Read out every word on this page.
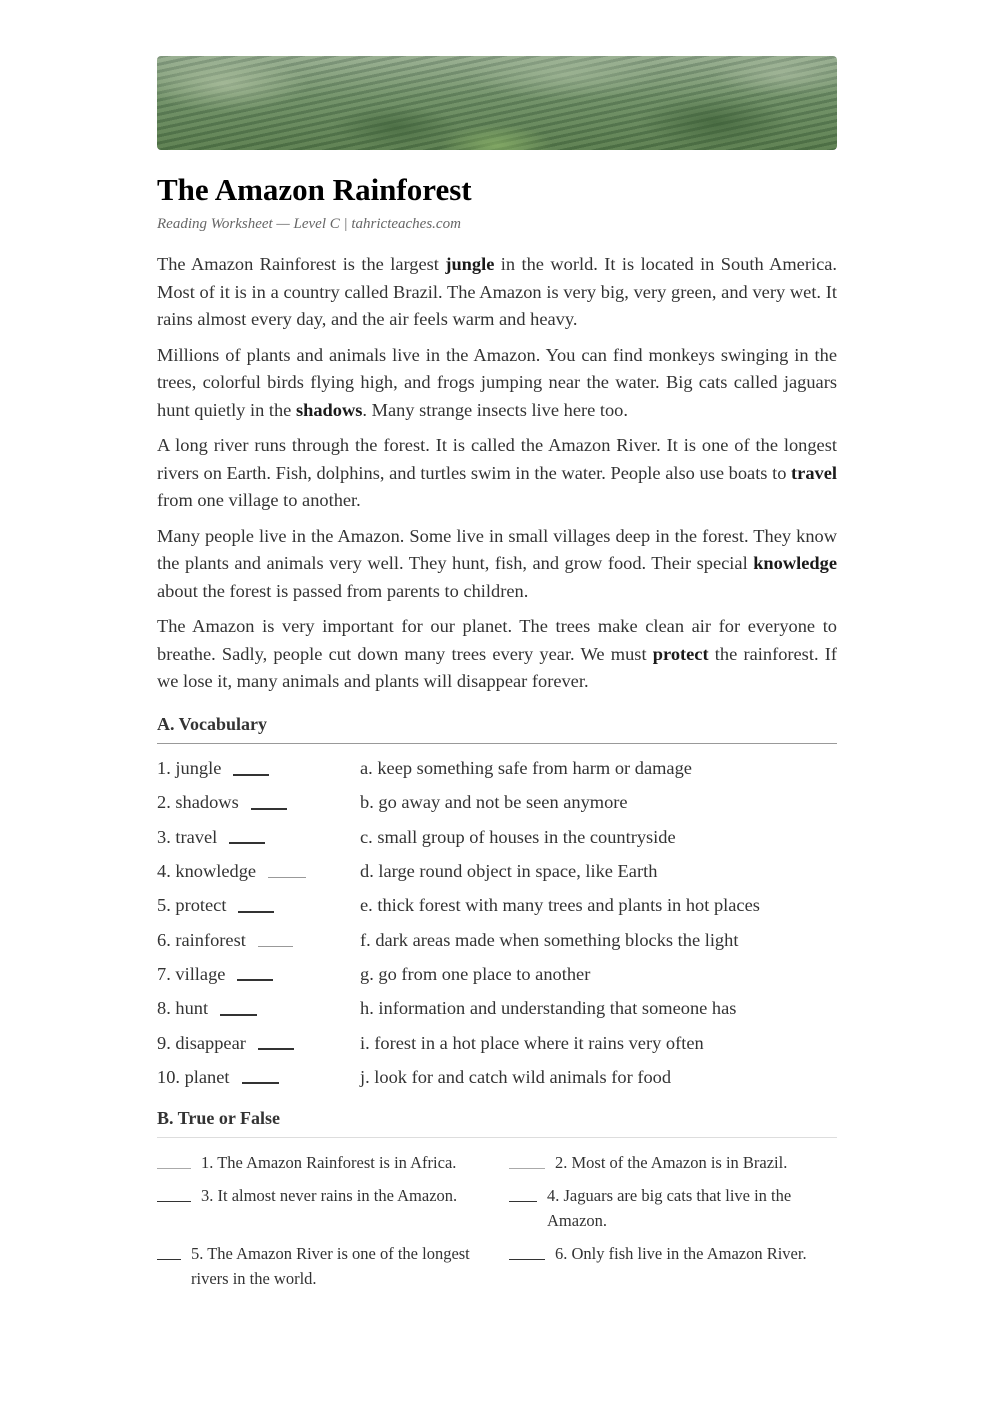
The Amazon Rainforest
Reading Worksheet — Level C | tahricteaches.com

The Amazon Rainforest is the largest jungle in the world. It is located in South America. Most of it is in a country called Brazil. The Amazon is very big, very green, and very wet. It rains almost every day, and the air feels warm and heavy.

Millions of plants and animals live in the Amazon. You can find monkeys swinging in the trees, colorful birds flying high, and frogs jumping near the water. Big cats called jaguars hunt quietly in the shadows. Many strange insects live here too.

A long river runs through the forest. It is called the Amazon River. It is one of the longest rivers on Earth. Fish, dolphins, and turtles swim in the water. People also use boats to travel from one village to another.

Many people live in the Amazon. Some live in small villages deep in the forest. They know the plants and animals very well. They hunt, fish, and grow food. Their special knowledge about the forest is passed from parents to children.

The Amazon is very important for our planet. The trees make clean air for everyone to breathe. Sadly, people cut down many trees every year. We must protect the rainforest. If we lose it, many animals and plants will disappear forever.

A. Vocabulary
1. jungle	a. keep something safe from harm or damage
2. shadows	b. go away and not be seen anymore
3. travel	c. small group of houses in the countryside
4. knowledge	d. large round object in space, like Earth
5. protect	e. thick forest with many trees and plants in hot places
6. rainforest	f. dark areas made when something blocks the light
7. village	g. go from one place to another
8. hunt	h. information and understanding that someone has
9. disappear	i. forest in a hot place where it rains very often
10. planet	j. look for and catch wild animals for food
B. True or False
1. The Amazon Rainforest is in Africa.	2. Most of the Amazon is in Brazil.
3. It almost never rains in the Amazon.	4. Jaguars are big cats that live in the Amazon.
5. The Amazon River is one of the longest rivers in the world.
6. Only fish live in the Amazon River.
